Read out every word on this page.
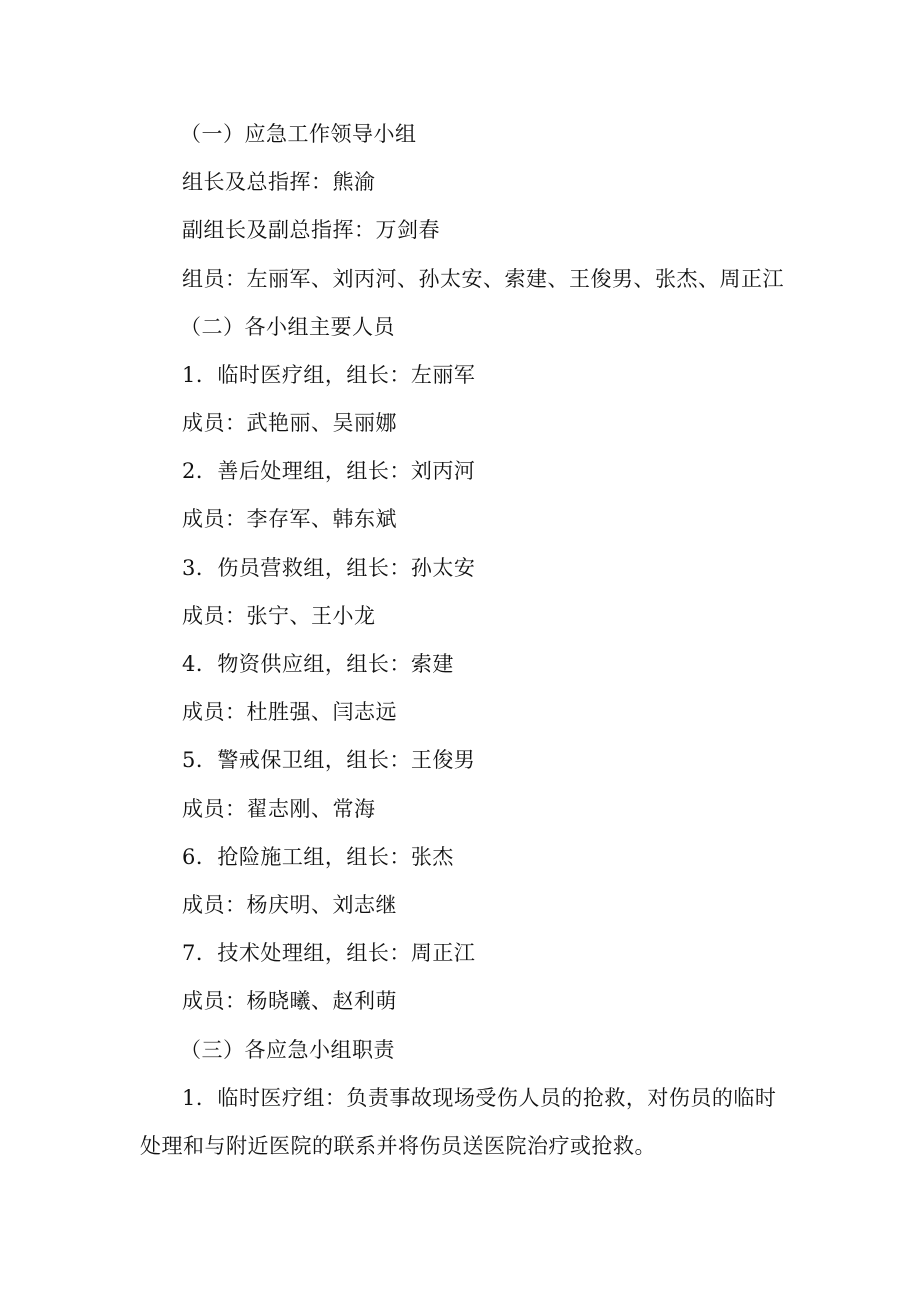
（一）应急工作领导小组
组长及总指挥：熊渝
副组长及副总指挥：万剑春
组员：左丽军、刘丙河、孙太安、索建、王俊男、张杰、周正江
（二）各小组主要人员
1．临时医疗组，组长：左丽军
成员：武艳丽、吴丽娜
2．善后处理组，组长：刘丙河
成员：李存军、韩东斌
3．伤员营救组，组长：孙太安
成员：张宁、王小龙
4．物资供应组，组长：索建
成员：杜胜强、闫志远
5．警戒保卫组，组长：王俊男
成员：翟志刚、常海
6．抢险施工组，组长：张杰
成员：杨庆明、刘志继
7．技术处理组，组长：周正江
成员：杨晓曦、赵利萌
（三）各应急小组职责
1．临时医疗组：负责事故现场受伤人员的抢救，对伤员的临时
处理和与附近医院的联系并将伤员送医院治疗或抢救。
